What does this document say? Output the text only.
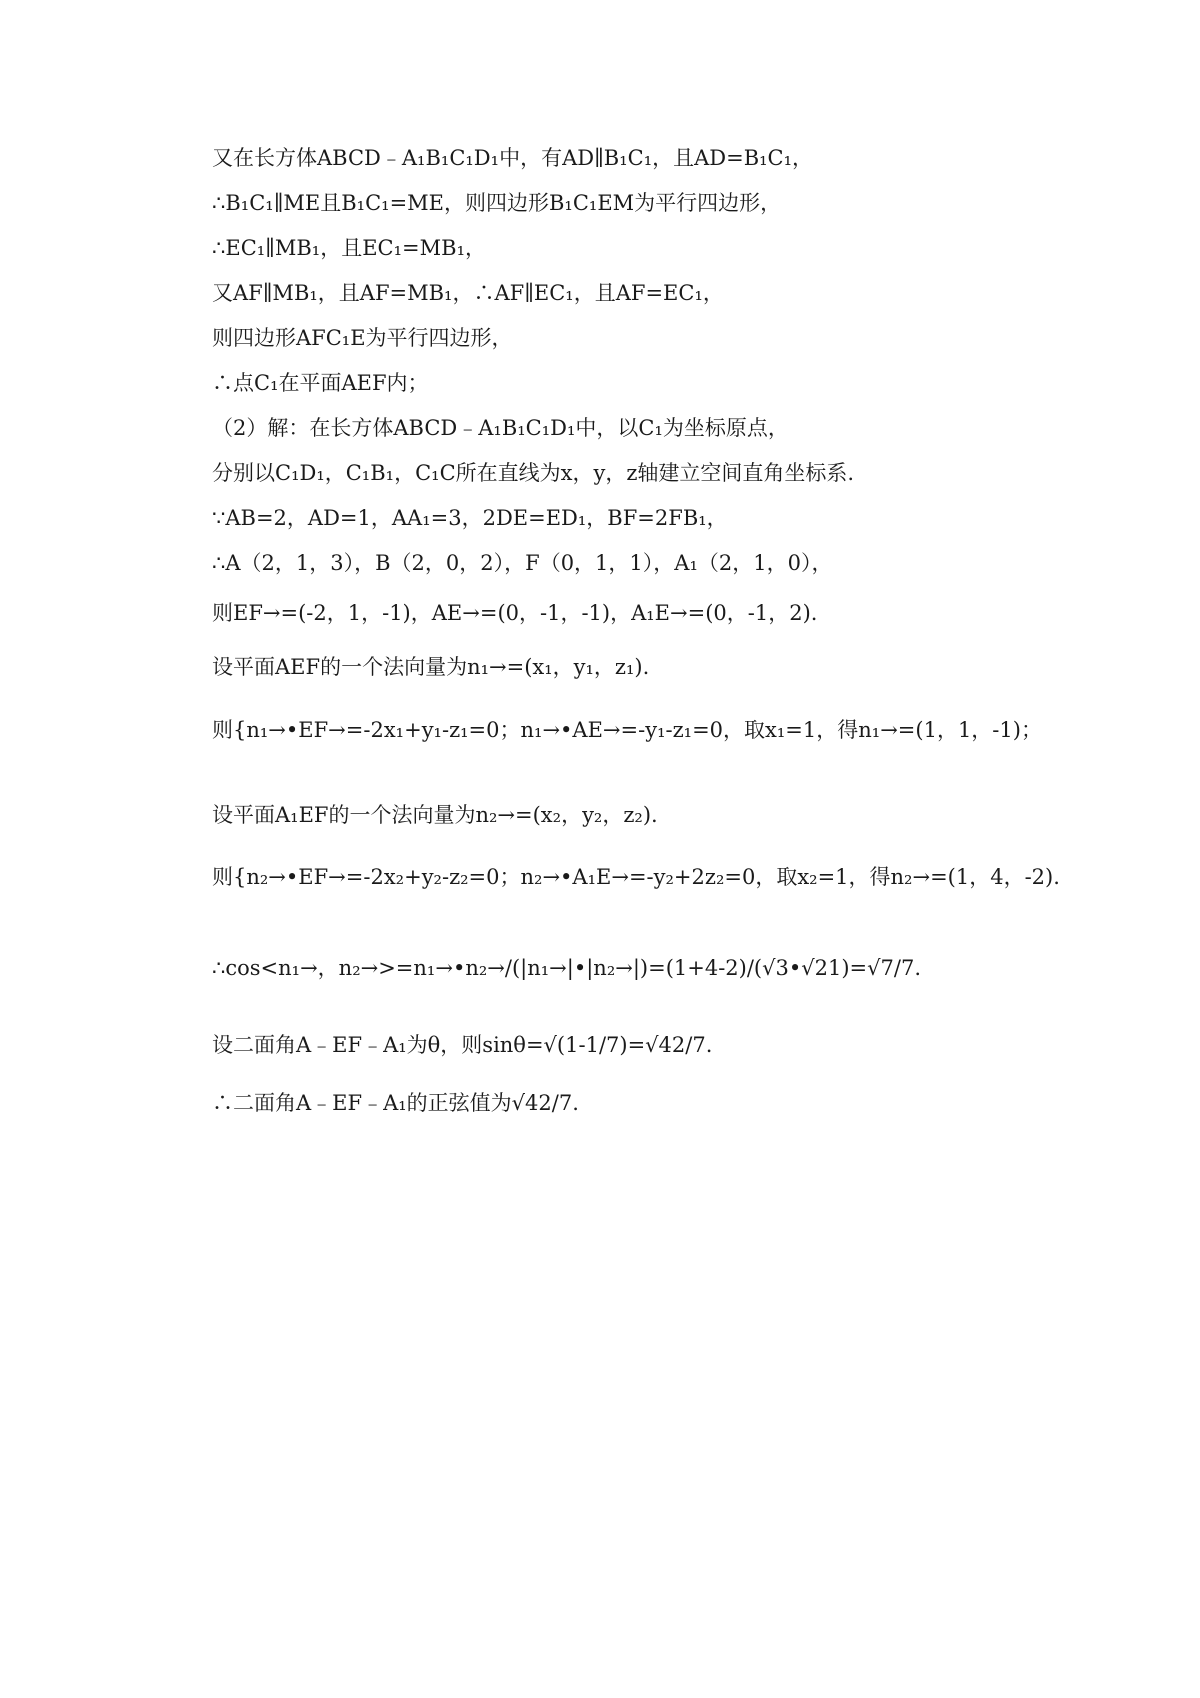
又在长方体ABCD﹣A₁B₁C₁D₁中，有AD∥B₁C₁，且AD=B₁C₁，
∴B₁C₁∥ME且B₁C₁=ME，则四边形B₁C₁EM为平行四边形，
∴EC₁∥MB₁，且EC₁=MB₁，
又AF∥MB₁，且AF=MB₁，∴AF∥EC₁，且AF=EC₁，
则四边形AFC₁E为平行四边形，
∴点C₁在平面AEF内；
（2）解：在长方体ABCD﹣A₁B₁C₁D₁中，以C₁为坐标原点，
分别以C₁D₁，C₁B₁，C₁C所在直线为x，y，z轴建立空间直角坐标系.
∵AB=2，AD=1，AA₁=3，2DE=ED₁，BF=2FB₁，
∴A（2，1，3），B（2，0，2），F（0，1，1），A₁（2，1，0），
则EF→=(-2，1，-1)，AE→=(0，-1，-1)，A₁E→=(0，-1，2).
设平面AEF的一个法向量为n₁→=(x₁，y₁，z₁).
则{n₁→•EF→=-2x₁+y₁-z₁=0；n₁→•AE→=-y₁-z₁=0，取x₁=1，得n₁→=(1，1，-1)；
设平面A₁EF的一个法向量为n₂→=(x₂，y₂，z₂).
则{n₂→•EF→=-2x₂+y₂-z₂=0；n₂→•A₁E→=-y₂+2z₂=0，取x₂=1，得n₂→=(1，4，-2).
∴cos<n₁→，n₂→>=n₁→•n₂→/(|n₁→|•|n₂→|)=(1+4-2)/(√3•√21)=√7/7.
设二面角A﹣EF﹣A₁为θ，则sinθ=√(1-1/7)=√42/7.
∴二面角A﹣EF﹣A₁的正弦值为√42/7.
